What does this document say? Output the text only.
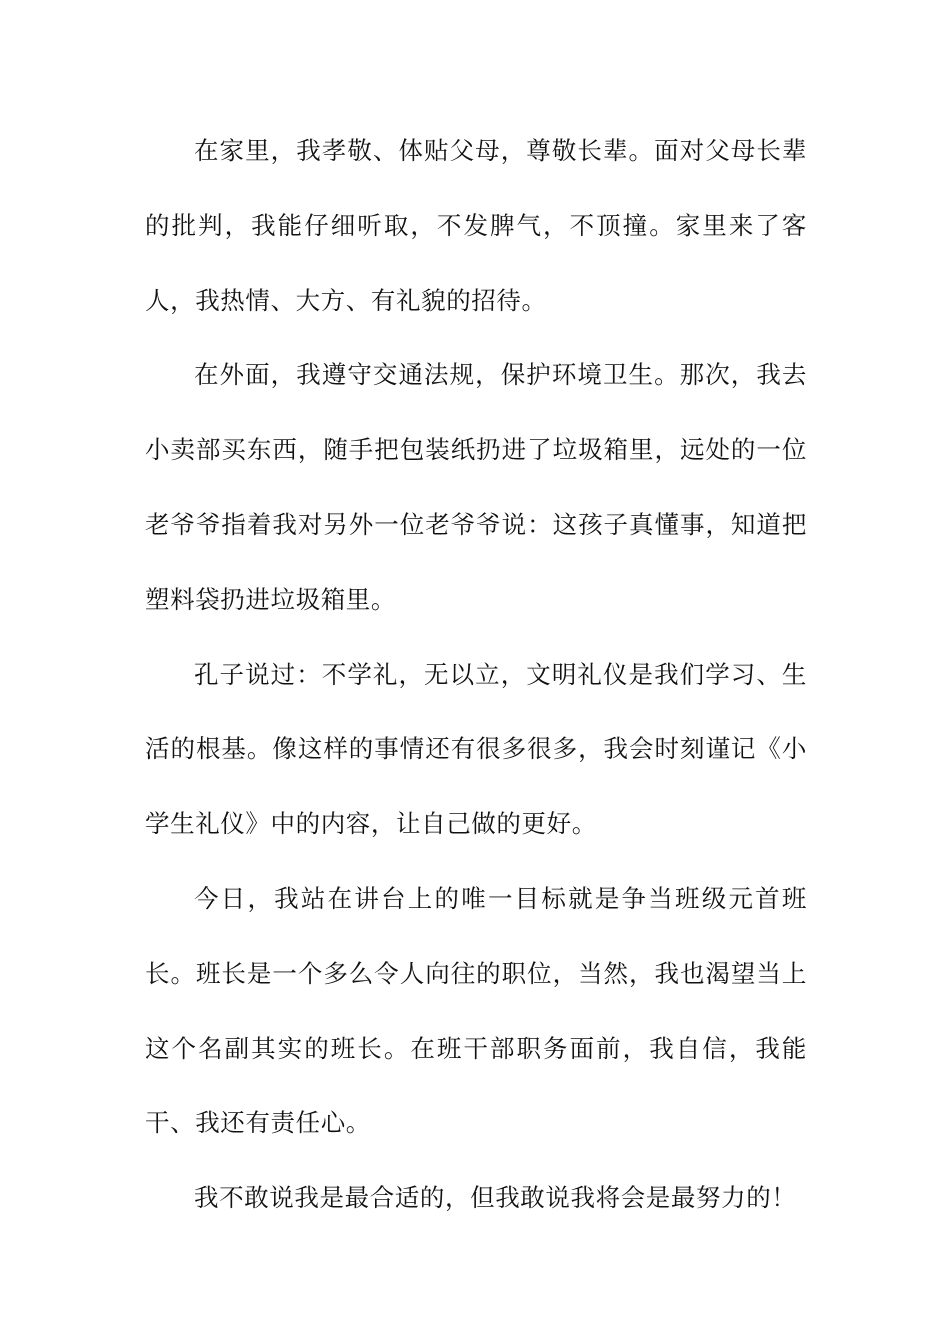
在家里，我孝敬、体贴父母，尊敬长辈。面对父母长辈的批判，我能仔细听取，不发脾气，不顶撞。家里来了客人，我热情、大方、有礼貌的招待。

在外面，我遵守交通法规，保护环境卫生。那次，我去小卖部买东西，随手把包装纸扔进了垃圾箱里，远处的一位老爷爷指着我对另外一位老爷爷说：这孩子真懂事，知道把塑料袋扔进垃圾箱里。

孔子说过：不学礼，无以立，文明礼仪是我们学习、生活的根基。像这样的事情还有很多很多，我会时刻谨记《小学生礼仪》中的内容，让自己做的更好。

今日，我站在讲台上的唯一目标就是争当班级元首班长。班长是一个多么令人向往的职位，当然，我也渴望当上这个名副其实的班长。在班干部职务面前，我自信，我能干、我还有责任心。

我不敢说我是最合适的，但我敢说我将会是最努力的！
